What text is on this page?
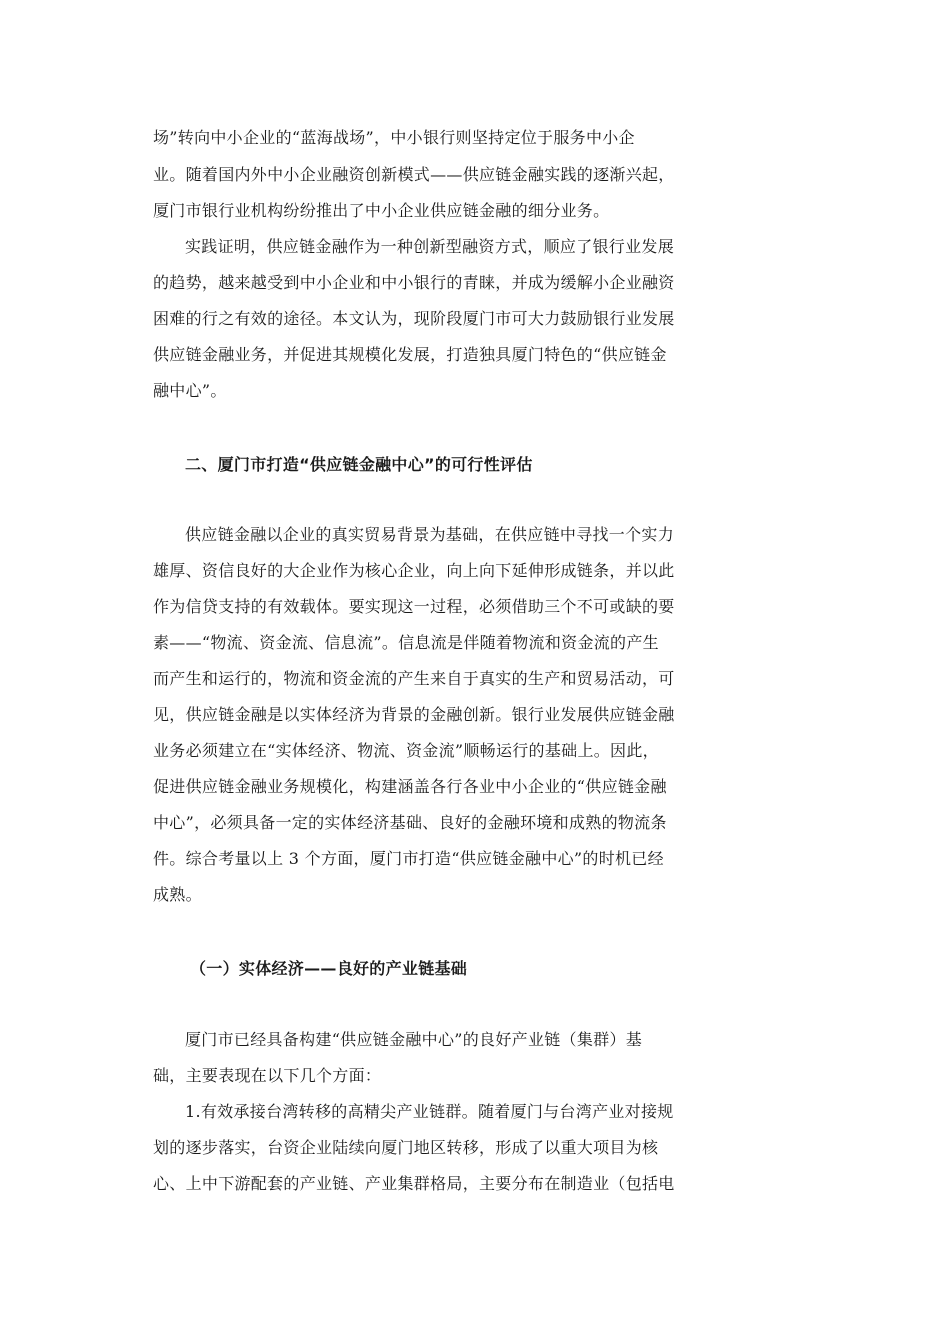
场”转向中小企业的“蓝海战场”，中小银行则坚持定位于服务中小企
业。随着国内外中小企业融资创新模式——供应链金融实践的逐渐兴起，
厦门市银行业机构纷纷推出了中小企业供应链金融的细分业务。
实践证明，供应链金融作为一种创新型融资方式，顺应了银行业发展
的趋势，越来越受到中小企业和中小银行的青睐，并成为缓解小企业融资
困难的行之有效的途径。本文认为，现阶段厦门市可大力鼓励银行业发展
供应链金融业务，并促进其规模化发展，打造独具厦门特色的“供应链金
融中心”。
二、厦门市打造“供应链金融中心”的可行性评估
供应链金融以企业的真实贸易背景为基础，在供应链中寻找一个实力
雄厚、资信良好的大企业作为核心企业，向上向下延伸形成链条，并以此
作为信贷支持的有效载体。要实现这一过程，必须借助三个不可或缺的要
素——“物流、资金流、信息流”。信息流是伴随着物流和资金流的产生
而产生和运行的，物流和资金流的产生来自于真实的生产和贸易活动，可
见，供应链金融是以实体经济为背景的金融创新。银行业发展供应链金融
业务必须建立在“实体经济、物流、资金流”顺畅运行的基础上。因此，
促进供应链金融业务规模化，构建涵盖各行各业中小企业的“供应链金融
中心”，必须具备一定的实体经济基础、良好的金融环境和成熟的物流条
件。综合考量以上 3 个方面，厦门市打造“供应链金融中心”的时机已经
成熟。
（一）实体经济——良好的产业链基础
厦门市已经具备构建“供应链金融中心”的良好产业链（集群）基
础，主要表现在以下几个方面：
1.有效承接台湾转移的高精尖产业链群。随着厦门与台湾产业对接规
划的逐步落实，台资企业陆续向厦门地区转移，形成了以重大项目为核
心、上中下游配套的产业链、产业集群格局，主要分布在制造业（包括电
